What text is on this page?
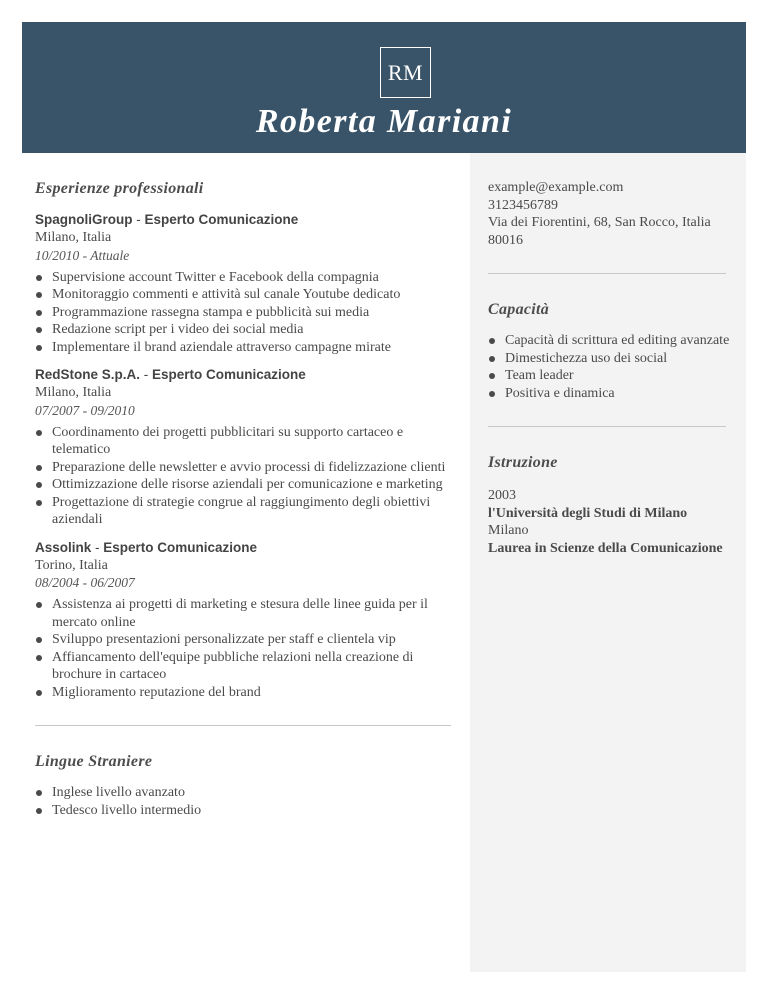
RM
Roberta Mariani
Esperienze professionali
SpagnoliGroup - Esperto Comunicazione
Milano, Italia
10/2010 - Attuale
Supervisione account Twitter e Facebook della compagnia
Monitoraggio commenti e attività sul canale Youtube dedicato
Programmazione rassegna stampa e pubblicità sui media
Redazione script per i video dei social media
Implementare il brand aziendale attraverso campagne mirate
RedStone S.p.A. - Esperto Comunicazione
Milano, Italia
07/2007 - 09/2010
Coordinamento dei progetti pubblicitari su supporto cartaceo e telematico
Preparazione delle newsletter e avvio processi di fidelizzazione clienti
Ottimizzazione delle risorse aziendali per comunicazione e marketing
Progettazione di strategie congrue al raggiungimento degli obiettivi aziendali
Assolink - Esperto Comunicazione
Torino, Italia
08/2004 - 06/2007
Assistenza ai progetti di marketing e stesura delle linee guida per il mercato online
Sviluppo presentazioni personalizzate per staff e clientela vip
Affiancamento dell'equipe pubbliche relazioni nella creazione di brochure in cartaceo
Miglioramento reputazione del brand
Lingue Straniere
Inglese livello avanzato
Tedesco livello intermedio
example@example.com
3123456789
Via dei Fiorentini, 68, San Rocco, Italia
80016
Capacità
Capacità di scrittura ed editing avanzate
Dimestichezza uso dei social
Team leader
Positiva e dinamica
Istruzione
2003
l'Università degli Studi di Milano
Milano
Laurea in Scienze della Comunicazione
